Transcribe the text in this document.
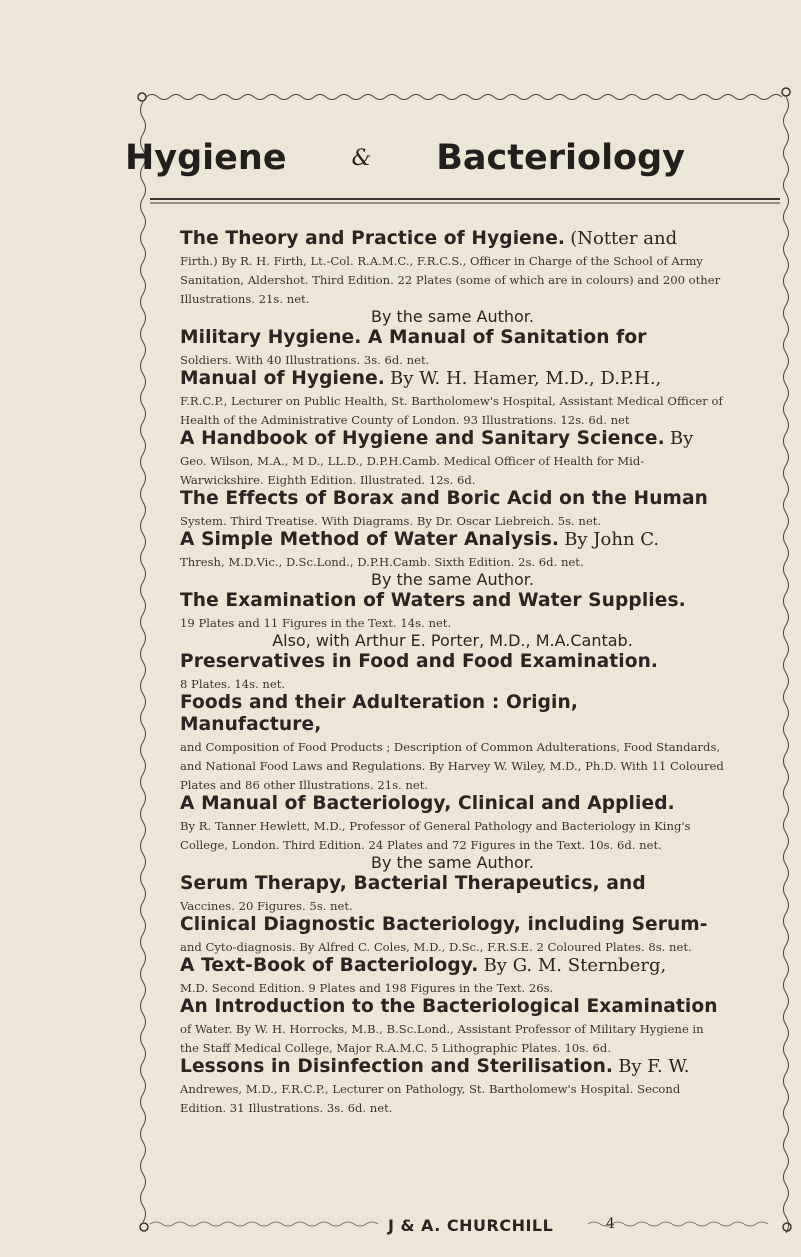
Hygiene	& Bacteriology

The Theory and Practice of Hygiene. (Notter and
Firth.) By R. H. Firth, Lt.-Col. R.A.M.C., F.R.C.S., Officer in Charge of the School of Army Sanitation, Aldershot. Third Edition. 22 Plates (some of which are in colours) and 200 other Illustrations. 21s. net.

By the same Author.

Military Hygiene. A Manual of Sanitation for
Soldiers. With 40 Illustrations. 3s. 6d. net.

Manual of Hygiene. By W. H. Hamer, M.D., D.P.H.,
F.R.C.P., Lecturer on Public Health, St. Bartholomew's Hospital, Assistant Medical Officer of Health of the Administrative County of London. 93 Illustrations. 12s. 6d. net

A Handbook of Hygiene and Sanitary Science. By
Geo. Wilson, M.A., M D., LL.D., D.P.H.Camb. Medical Officer of Health for Mid-Warwickshire. Eighth Edition. Illustrated. 12s. 6d.

The Effects of Borax and Boric Acid on the Human
System. Third Treatise. With Diagrams. By Dr. Oscar Liebreich. 5s. net.

A Simple Method of Water Analysis. By John C.
Thresh, M.D.Vic., D.Sc.Lond., D.P.H.Camb. Sixth Edition. 2s. 6d. net.

By the same Author.

The Examination of Waters and Water Supplies.
19 Plates and 11 Figures in the Text. 14s. net.

Also, with Arthur E. Porter, M.D., M.A.Cantab.

Preservatives in Food and Food Examination.
8 Plates. 14s. net.

Foods and their Adulteration : Origin, Manufacture,
and Composition of Food Products ; Description of Common Adulterations, Food Standards, and National Food Laws and Regulations. By Harvey W. Wiley, M.D., Ph.D. With 11 Coloured Plates and 86 other Illustrations. 21s. net.

A Manual of Bacteriology, Clinical and Applied.
By R. Tanner Hewlett, M.D., Professor of General Pathology and Bacteriology in King's College, London. Third Edition. 24 Plates and 72 Figures in the Text. 10s. 6d. net.

By the same Author.

Serum Therapy, Bacterial Therapeutics, and
Vaccines. 20 Figures. 5s. net.

Clinical Diagnostic Bacteriology, including Serum-
and Cyto-diagnosis. By Alfred C. Coles, M.D., D.Sc., F.R.S.E. 2 Coloured Plates. 8s. net.

A Text-Book of Bacteriology. By G. M. Sternberg,
M.D. Second Edition. 9 Plates and 198 Figures in the Text. 26s.

An Introduction to the Bacteriological Examination
of Water. By W. H. Horrocks, M.B., B.Sc.Lond., Assistant Professor of Military Hygiene in the Staff Medical College, Major R.A.M.C. 5 Lithographic Plates. 10s. 6d.

Lessons in Disinfection and Sterilisation. By F. W.
Andrewes, M.D., F.R.C.P., Lecturer on Pathology, St. Bartholomew's Hospital. Second Edition. 31 Illustrations. 3s. 6d. net.

J & A. CHURCHILL	4
